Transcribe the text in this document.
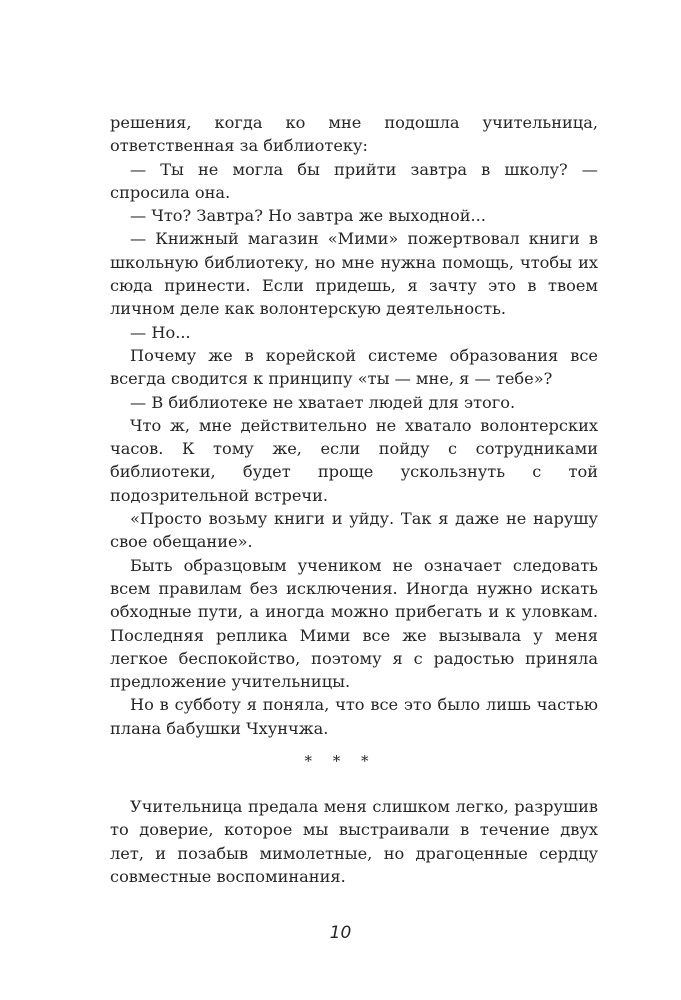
решения, когда ко мне подошла учительница, ответственная за библиотеку:

— Ты не могла бы прийти завтра в школу? — спросила она.

— Что? Завтра? Но завтра же выходной...

— Книжный магазин «Мими» пожертвовал книги в школьную библиотеку, но мне нужна помощь, чтобы их сюда принести. Если придешь, я зачту это в твоем личном деле как волонтерскую деятельность.

— Но...

Почему же в корейской системе образования все всегда сводится к принципу «ты — мне, я — тебе»?

— В библиотеке не хватает людей для этого.

Что ж, мне действительно не хватало волонтерских часов. К тому же, если пойду с сотрудниками библиотеки, будет проще ускользнуть с той подозрительной встречи.

«Просто возьму книги и уйду. Так я даже не нарушу свое обещание».

Быть образцовым учеником не означает следовать всем правилам без исключения. Иногда нужно искать обходные пути, а иногда можно прибегать и к уловкам. Последняя реплика Мими все же вызывала у меня легкое беспокойство, поэтому я с радостью приняла предложение учительницы.

Но в субботу я поняла, что все это было лишь частью плана бабушки Чхунчжа.

* * *

Учительница предала меня слишком легко, разрушив то доверие, которое мы выстраивали в течение двух лет, и позабыв мимолетные, но драгоценные сердцу совместные воспоминания.

10
